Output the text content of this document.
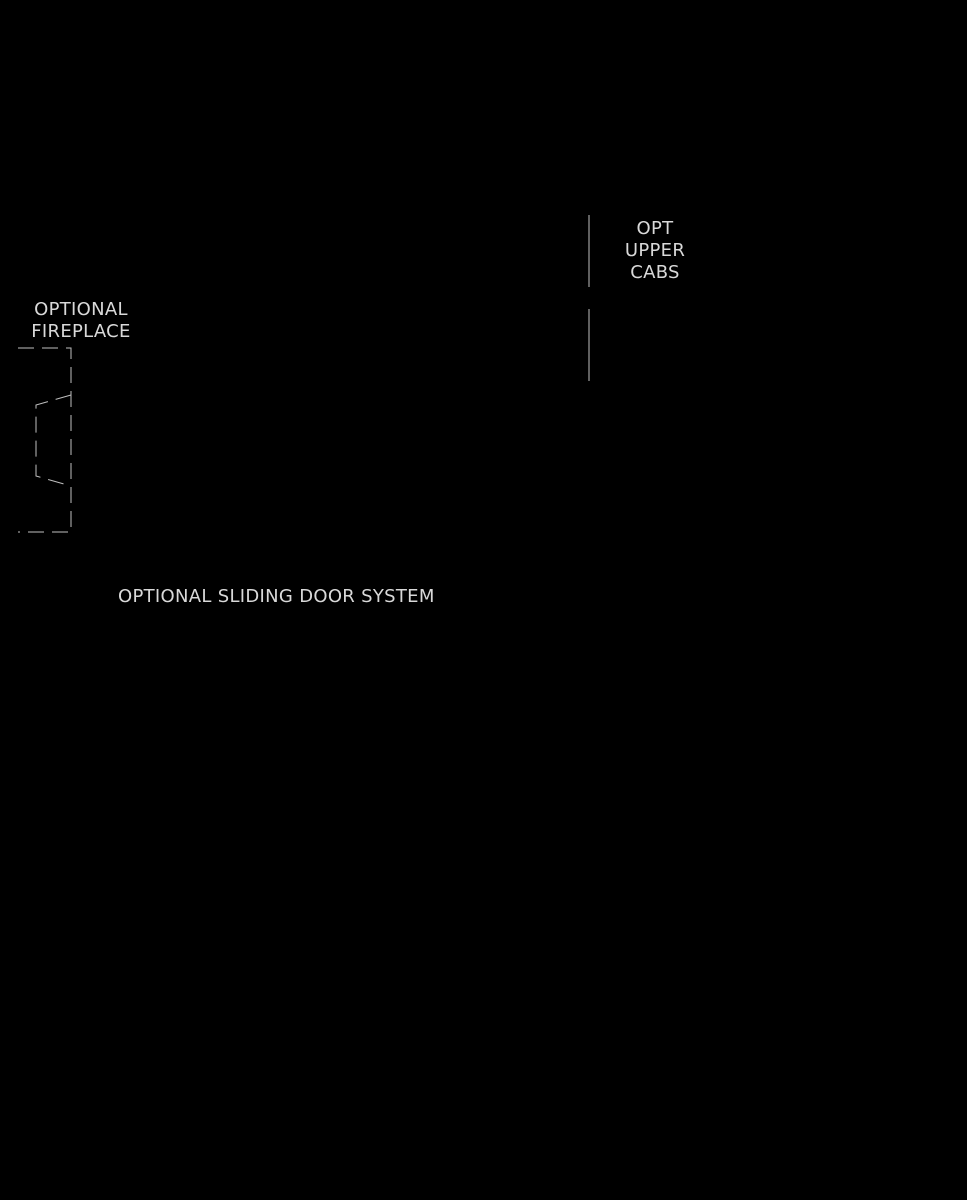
OPTIONAL
FIREPLACE
OPT
UPPER
CABS
OPTIONAL SLIDING DOOR SYSTEM
